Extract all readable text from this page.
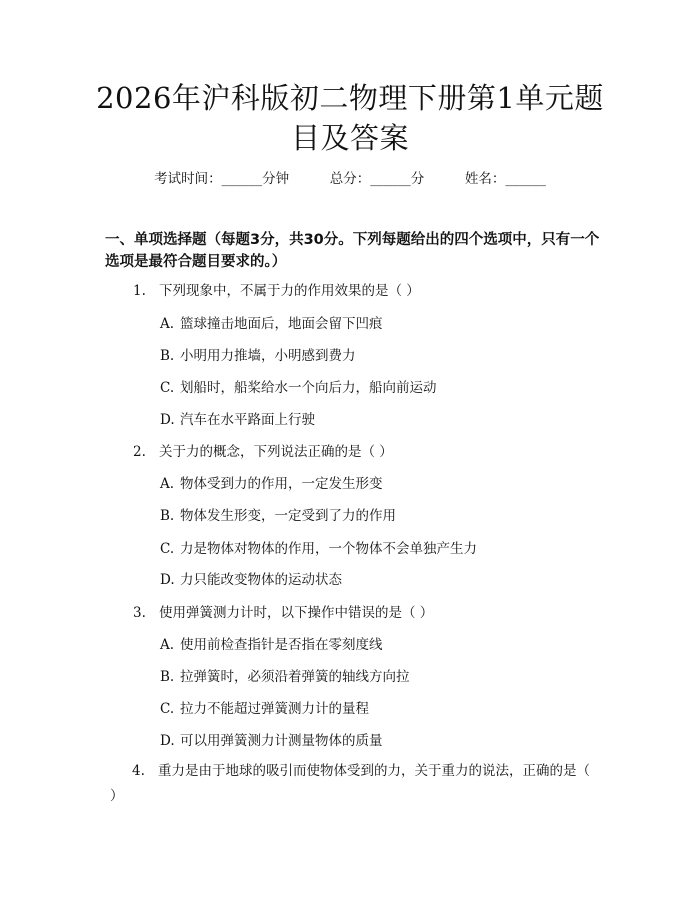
2026年沪科版初二物理下册第1单元题目及答案
考试时间：______分钟	总分：______分	姓名：______
一、单项选择题（每题3分，共30分。下列每题给出的四个选项中，只有一个选项是最符合题目要求的。）
1. 下列现象中，不属于力的作用效果的是（ ）
A. 篮球撞击地面后，地面会留下凹痕
B. 小明用力推墙，小明感到费力
C. 划船时，船桨给水一个向后力，船向前运动
D. 汽车在水平路面上行驶
2. 关于力的概念，下列说法正确的是（ ）
A. 物体受到力的作用，一定发生形变
B. 物体发生形变，一定受到了力的作用
C. 力是物体对物体的作用，一个物体不会单独产生力
D. 力只能改变物体的运动状态
3. 使用弹簧测力计时，以下操作中错误的是（ ）
A. 使用前检查指针是否指在零刻度线
B. 拉弹簧时，必须沿着弹簧的轴线方向拉
C. 拉力不能超过弹簧测力计的量程
D. 可以用弹簧测力计测量物体的质量
4. 重力是由于地球的吸引而使物体受到的力，关于重力的说法，正确的是（ ）
